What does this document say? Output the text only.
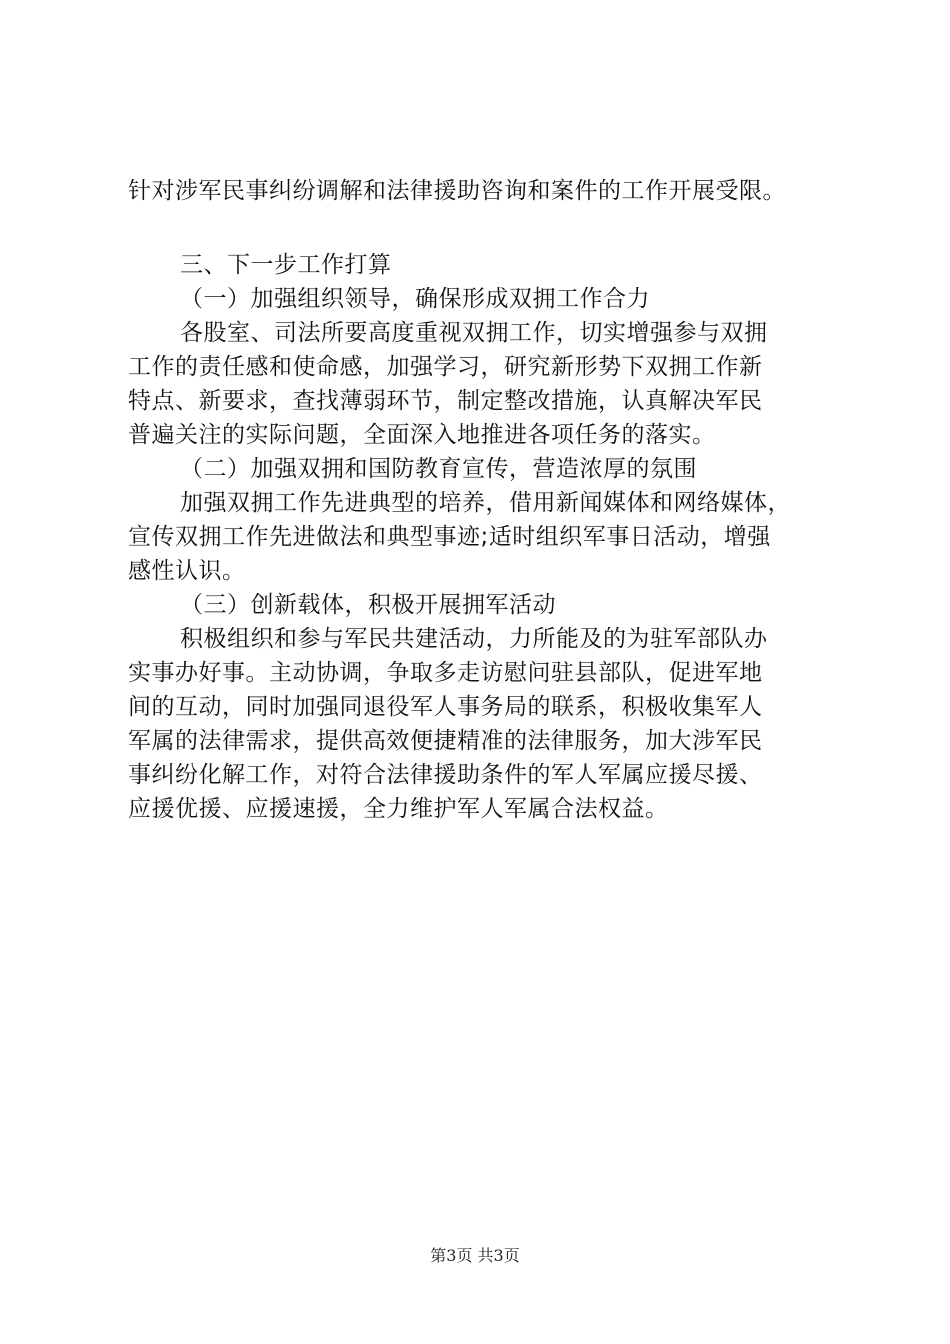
针对涉军民事纠纷调解和法律援助咨询和案件的工作开展受限。
三、下一步工作打算
（一）加强组织领导，确保形成双拥工作合力
各股室、司法所要高度重视双拥工作，切实增强参与双拥
工作的责任感和使命感，加强学习，研究新形势下双拥工作新
特点、新要求，查找薄弱环节，制定整改措施，认真解决军民
普遍关注的实际问题，全面深入地推进各项任务的落实。
（二）加强双拥和国防教育宣传，营造浓厚的氛围
加强双拥工作先进典型的培养，借用新闻媒体和网络媒体，
宣传双拥工作先进做法和典型事迹;适时组织军事日活动，增强
感性认识。
（三）创新载体，积极开展拥军活动
积极组织和参与军民共建活动，力所能及的为驻军部队办
实事办好事。主动协调，争取多走访慰问驻县部队，促进军地
间的互动，同时加强同退役军人事务局的联系，积极收集军人
军属的法律需求，提供高效便捷精准的法律服务，加大涉军民
事纠纷化解工作，对符合法律援助条件的军人军属应援尽援、
应援优援、应援速援，全力维护军人军属合法权益。
第3页 共3页
